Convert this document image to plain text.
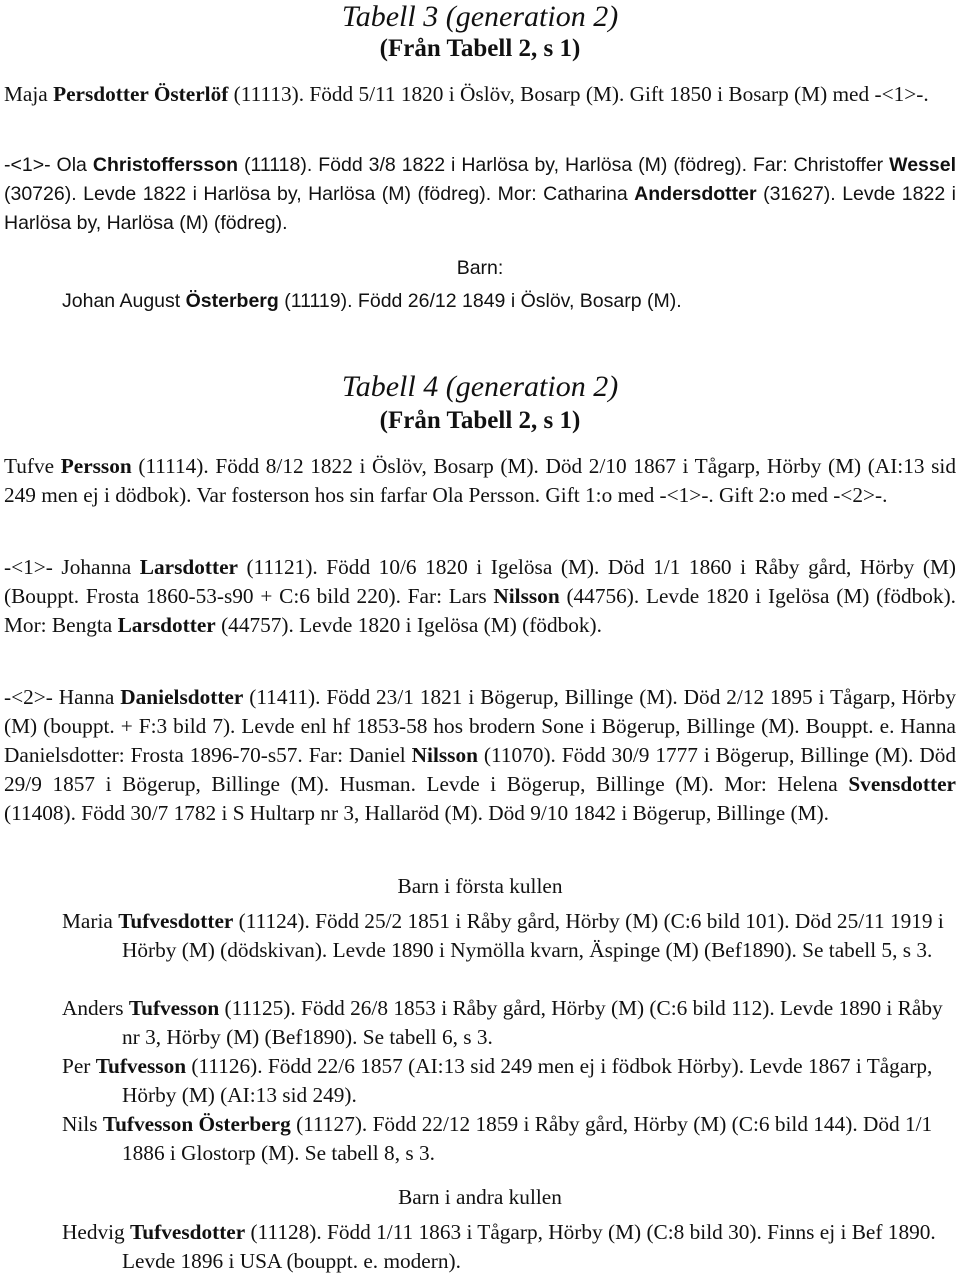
Tabell 3 (generation 2)
(Från Tabell 2, s 1)
Maja Persdotter Österlöf (11113). Född 5/11 1820 i Öslöv, Bosarp (M). Gift 1850 i Bosarp (M) med -<1>-.
-<1>- Ola Christoffersson (11118). Född 3/8 1822 i Harlösa by, Harlösa (M) (födreg). Far: Christoffer Wessel (30726). Levde 1822 i Harlösa by, Harlösa (M) (födreg). Mor: Catharina Andersdotter (31627). Levde 1822 i Harlösa by, Harlösa (M) (födreg).
Barn:
Johan August Österberg (11119). Född 26/12 1849 i Öslöv, Bosarp (M).
Tabell 4 (generation 2)
(Från Tabell 2, s 1)
Tufve Persson (11114). Född 8/12 1822 i Öslöv, Bosarp (M). Död 2/10 1867 i Tågarp, Hörby (M) (AI:13 sid 249 men ej i dödbok). Var fosterson hos sin farfar Ola Persson. Gift 1:o med -<1>-. Gift 2:o med -<2>-.
-<1>- Johanna Larsdotter (11121). Född 10/6 1820 i Igelösa (M). Död 1/1 1860 i Råby gård, Hörby (M) (Bouppt. Frosta 1860-53-s90 + C:6 bild 220). Far: Lars Nilsson (44756). Levde 1820 i Igelösa (M) (födbok). Mor: Bengta Larsdotter (44757). Levde 1820 i Igelösa (M) (födbok).
-<2>- Hanna Danielsdotter (11411). Född 23/1 1821 i Bögerup, Billinge (M). Död 2/12 1895 i Tågarp, Hörby (M) (bouppt. + F:3 bild 7). Levde enl hf 1853-58 hos brodern Sone i Bögerup, Billinge (M). Bouppt. e. Hanna Danielsdotter: Frosta 1896-70-s57. Far: Daniel Nilsson (11070). Född 30/9 1777 i Bögerup, Billinge (M). Död 29/9 1857 i Bögerup, Billinge (M). Husman. Levde i Bögerup, Billinge (M). Mor: Helena Svensdotter (11408). Född 30/7 1782 i S Hultarp nr 3, Hallaröd (M). Död 9/10 1842 i Bögerup, Billinge (M).
Barn i första kullen
Maria Tufvesdotter (11124). Född 25/2 1851 i Råby gård, Hörby (M) (C:6 bild 101). Död 25/11 1919 i Hörby (M) (dödskivan). Levde 1890 i Nymölla kvarn, Äspinge (M) (Bef1890). Se tabell 5, s 3.
Anders Tufvesson (11125). Född 26/8 1853 i Råby gård, Hörby (M) (C:6 bild 112). Levde 1890 i Råby nr 3, Hörby (M) (Bef1890). Se tabell 6, s 3.
Per Tufvesson (11126). Född 22/6 1857 (AI:13 sid 249 men ej i födbok Hörby). Levde 1867 i Tågarp, Hörby (M) (AI:13 sid 249).
Nils Tufvesson Österberg (11127). Född 22/12 1859 i Råby gård, Hörby (M) (C:6 bild 144). Död 1/1 1886 i Glostorp (M). Se tabell 8, s 3.
Barn i andra kullen
Hedvig Tufvesdotter (11128). Född 1/11 1863 i Tågarp, Hörby (M) (C:8 bild 30). Finns ej i Bef 1890. Levde 1896 i USA (bouppt. e. modern).
